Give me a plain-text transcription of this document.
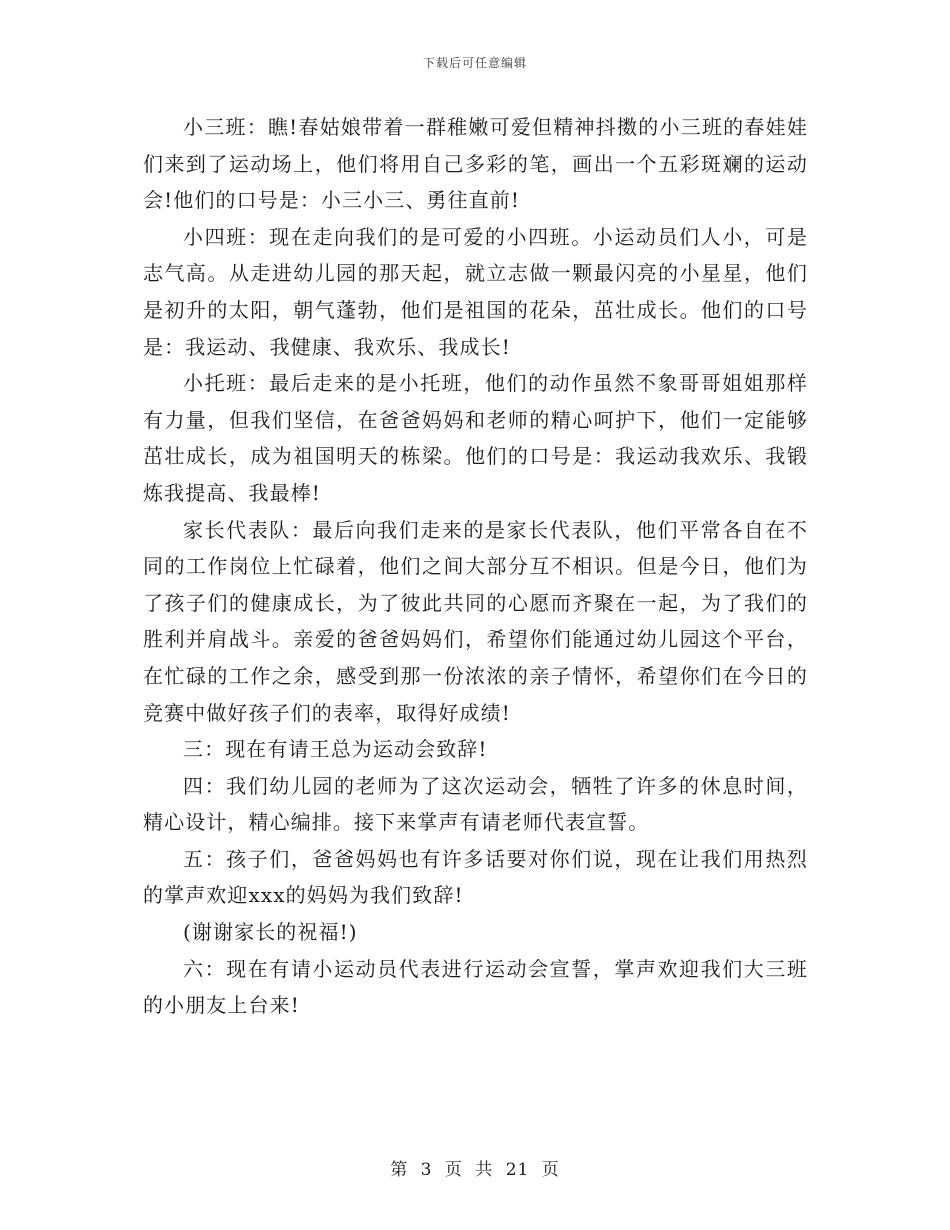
下载后可任意编辑

小三班：瞧!春姑娘带着一群稚嫩可爱但精神抖擞的小三班的春娃娃们来到了运动场上，他们将用自己多彩的笔，画出一个五彩斑斓的运动会!他们的口号是：小三小三、勇往直前!

小四班：现在走向我们的是可爱的小四班。小运动员们人小，可是志气高。从走进幼儿园的那天起，就立志做一颗最闪亮的小星星，他们是初升的太阳，朝气蓬勃，他们是祖国的花朵，茁壮成长。他们的口号是：我运动、我健康、我欢乐、我成长!

小托班：最后走来的是小托班，他们的动作虽然不象哥哥姐姐那样有力量，但我们坚信，在爸爸妈妈和老师的精心呵护下，他们一定能够茁壮成长，成为祖国明天的栋梁。他们的口号是：我运动我欢乐、我锻炼我提高、我最棒!

家长代表队：最后向我们走来的是家长代表队，他们平常各自在不同的工作岗位上忙碌着，他们之间大部分互不相识。但是今日，他们为了孩子们的健康成长，为了彼此共同的心愿而齐聚在一起，为了我们的胜利并肩战斗。亲爱的爸爸妈妈们，希望你们能通过幼儿园这个平台，在忙碌的工作之余，感受到那一份浓浓的亲子情怀，希望你们在今日的竞赛中做好孩子们的表率，取得好成绩!

三：现在有请王总为运动会致辞!

四：我们幼儿园的老师为了这次运动会，牺牲了许多的休息时间，精心设计，精心编排。接下来掌声有请老师代表宣誓。

五：孩子们，爸爸妈妈也有许多话要对你们说，现在让我们用热烈的掌声欢迎xxx的妈妈为我们致辞!

(谢谢家长的祝福!)

六：现在有请小运动员代表进行运动会宣誓，掌声欢迎我们大三班的小朋友上台来!

第 3 页 共 21 页
